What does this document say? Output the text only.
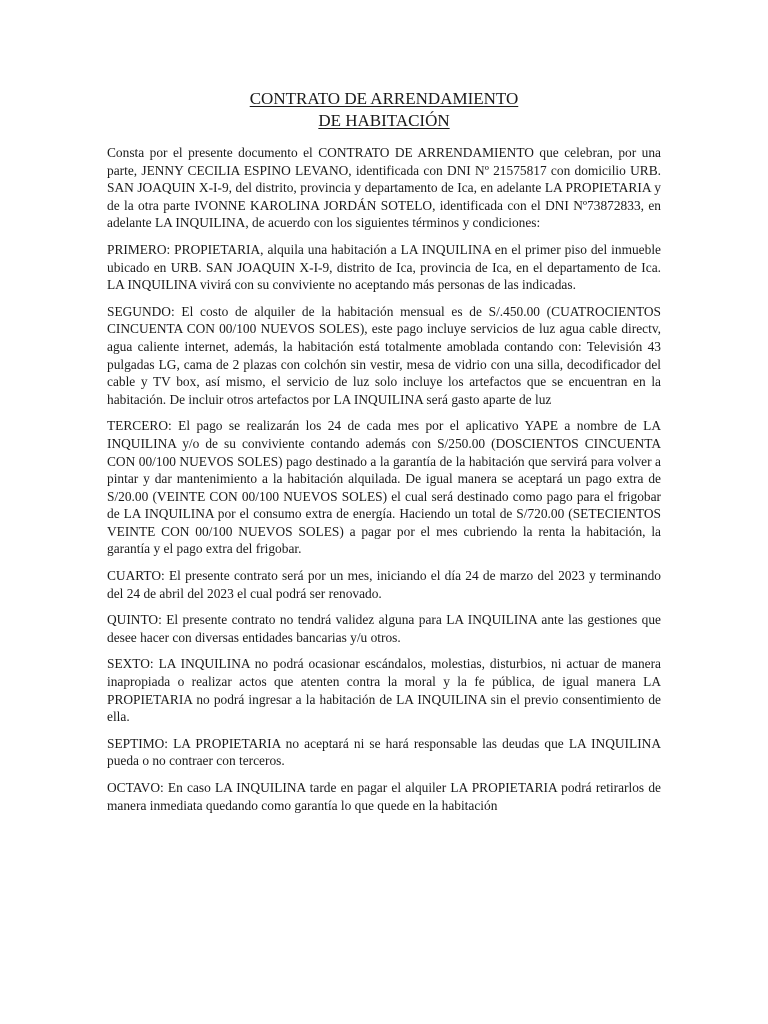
CONTRATO DE ARRENDAMIENTO
DE HABITACIÓN

Consta por el presente documento el CONTRATO DE ARRENDAMIENTO que celebran, por una parte, JENNY CECILIA ESPINO LEVANO, identificada con DNI Nº 21575817 con domicilio URB. SAN JOAQUIN X-I-9, del distrito, provincia y departamento de Ica, en adelante LA PROPIETARIA y de la otra parte IVONNE KAROLINA JORDÁN SOTELO, identificada con el DNI Nº73872833, en adelante LA INQUILINA, de acuerdo con los siguientes términos y condiciones:

PRIMERO: PROPIETARIA, alquila una habitación a LA INQUILINA en el primer piso del inmueble ubicado en URB. SAN JOAQUIN X-I-9, distrito de Ica, provincia de Ica, en el departamento de Ica. LA INQUILINA vivirá con su conviviente no aceptando más personas de las indicadas.

SEGUNDO: El costo de alquiler de la habitación mensual es de S/.450.00 (CUATROCIENTOS CINCUENTA CON 00/100 NUEVOS SOLES), este pago incluye servicios de luz agua cable directv, agua caliente internet, además, la habitación está totalmente amoblada contando con: Televisión 43 pulgadas LG, cama de 2 plazas con colchón sin vestir, mesa de vidrio con una silla, decodificador del cable y TV box, así mismo, el servicio de luz solo incluye los artefactos que se encuentran en la habitación. De incluir otros artefactos por LA INQUILINA será gasto aparte de luz

TERCERO: El pago se realizarán los 24 de cada mes por el aplicativo YAPE a nombre de LA INQUILINA y/o de su conviviente contando además con S/250.00 (DOSCIENTOS CINCUENTA CON 00/100 NUEVOS SOLES) pago destinado a la garantía de la habitación que servirá para volver a pintar y dar mantenimiento a la habitación alquilada. De igual manera se aceptará un pago extra de S/20.00 (VEINTE CON 00/100 NUEVOS SOLES) el cual será destinado como pago para el frigobar de LA INQUILINA por el consumo extra de energía. Haciendo un total de S/720.00 (SETECIENTOS VEINTE CON 00/100 NUEVOS SOLES) a pagar por el mes cubriendo la renta la habitación, la garantía y el pago extra del frigobar.

CUARTO: El presente contrato será por un mes, iniciando el día 24 de marzo del 2023 y terminando del 24 de abril del 2023 el cual podrá ser renovado.

QUINTO: El presente contrato no tendrá validez alguna para LA INQUILINA ante las gestiones que desee hacer con diversas entidades bancarias y/u otros.

SEXTO: LA INQUILINA no podrá ocasionar escándalos, molestias, disturbios, ni actuar de manera inapropiada o realizar actos que atenten contra la moral y la fe pública, de igual manera LA PROPIETARIA no podrá ingresar a la habitación de LA INQUILINA sin el previo consentimiento de ella.

SEPTIMO: LA PROPIETARIA no aceptará ni se hará responsable las deudas que LA INQUILINA pueda o no contraer con terceros.

OCTAVO: En caso LA INQUILINA tarde en pagar el alquiler LA PROPIETARIA podrá retirarlos de manera inmediata quedando como garantía lo que quede en la habitación
